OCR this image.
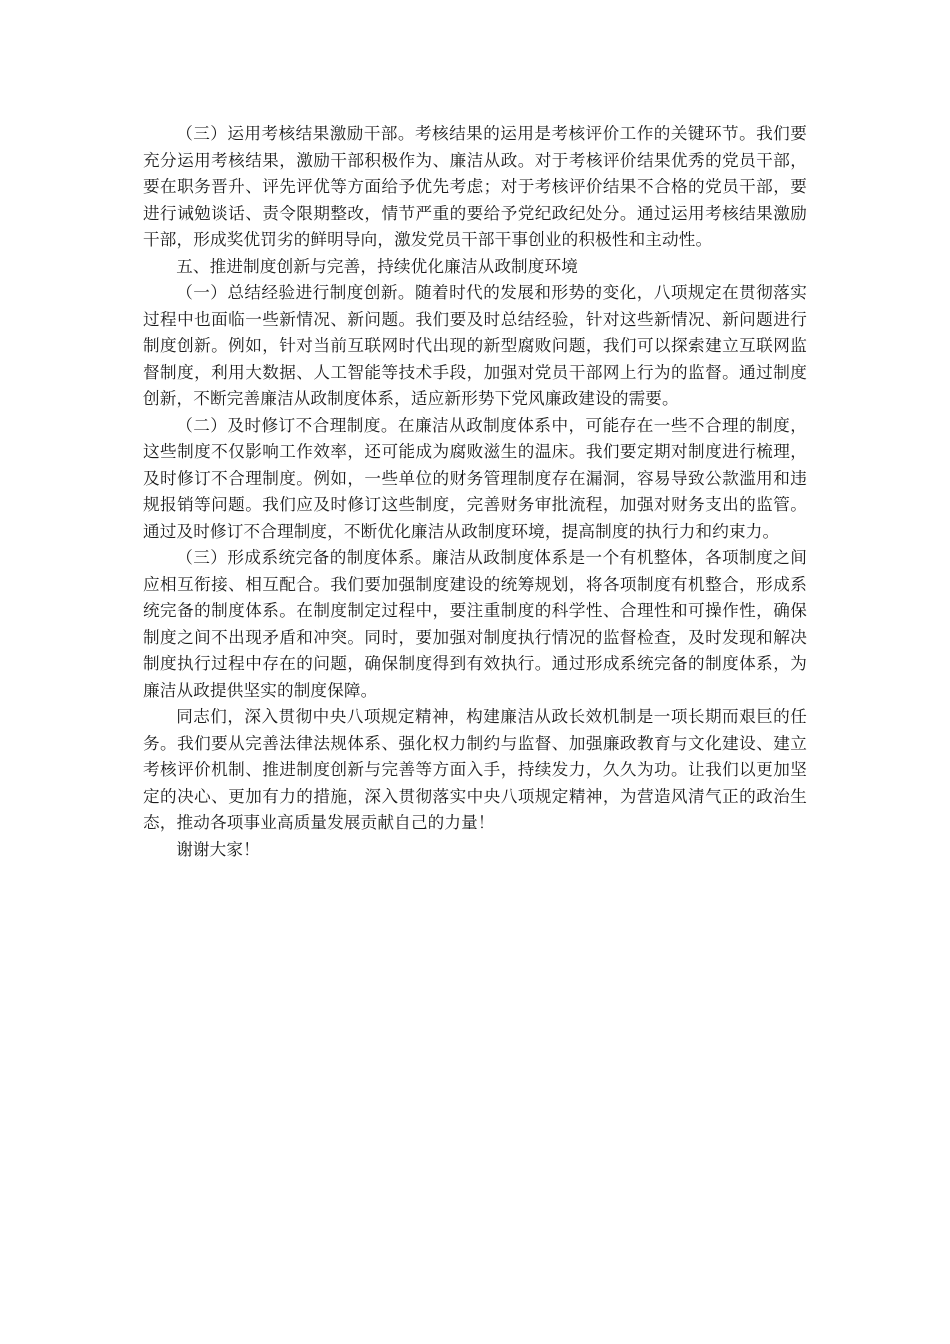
（三）运用考核结果激励干部。考核结果的运用是考核评价工作的关键环节。我们要充分运用考核结果，激励干部积极作为、廉洁从政。对于考核评价结果优秀的党员干部，要在职务晋升、评先评优等方面给予优先考虑；对于考核评价结果不合格的党员干部，要进行诫勉谈话、责令限期整改，情节严重的要给予党纪政纪处分。通过运用考核结果激励干部，形成奖优罚劣的鲜明导向，激发党员干部干事创业的积极性和主动性。

五、推进制度创新与完善，持续优化廉洁从政制度环境

（一）总结经验进行制度创新。随着时代的发展和形势的变化，八项规定在贯彻落实过程中也面临一些新情况、新问题。我们要及时总结经验，针对这些新情况、新问题进行制度创新。例如，针对当前互联网时代出现的新型腐败问题，我们可以探索建立互联网监督制度，利用大数据、人工智能等技术手段，加强对党员干部网上行为的监督。通过制度创新，不断完善廉洁从政制度体系，适应新形势下党风廉政建设的需要。

（二）及时修订不合理制度。在廉洁从政制度体系中，可能存在一些不合理的制度，这些制度不仅影响工作效率，还可能成为腐败滋生的温床。我们要定期对制度进行梳理，及时修订不合理制度。例如，一些单位的财务管理制度存在漏洞，容易导致公款滥用和违规报销等问题。我们应及时修订这些制度，完善财务审批流程，加强对财务支出的监管。通过及时修订不合理制度，不断优化廉洁从政制度环境，提高制度的执行力和约束力。

（三）形成系统完备的制度体系。廉洁从政制度体系是一个有机整体，各项制度之间应相互衔接、相互配合。我们要加强制度建设的统筹规划，将各项制度有机整合，形成系统完备的制度体系。在制度制定过程中，要注重制度的科学性、合理性和可操作性，确保制度之间不出现矛盾和冲突。同时，要加强对制度执行情况的监督检查，及时发现和解决制度执行过程中存在的问题，确保制度得到有效执行。通过形成系统完备的制度体系，为廉洁从政提供坚实的制度保障。

同志们，深入贯彻中央八项规定精神，构建廉洁从政长效机制是一项长期而艰巨的任务。我们要从完善法律法规体系、强化权力制约与监督、加强廉政教育与文化建设、建立考核评价机制、推进制度创新与完善等方面入手，持续发力，久久为功。让我们以更加坚定的决心、更加有力的措施，深入贯彻落实中央八项规定精神，为营造风清气正的政治生态，推动各项事业高质量发展贡献自己的力量！

谢谢大家！
